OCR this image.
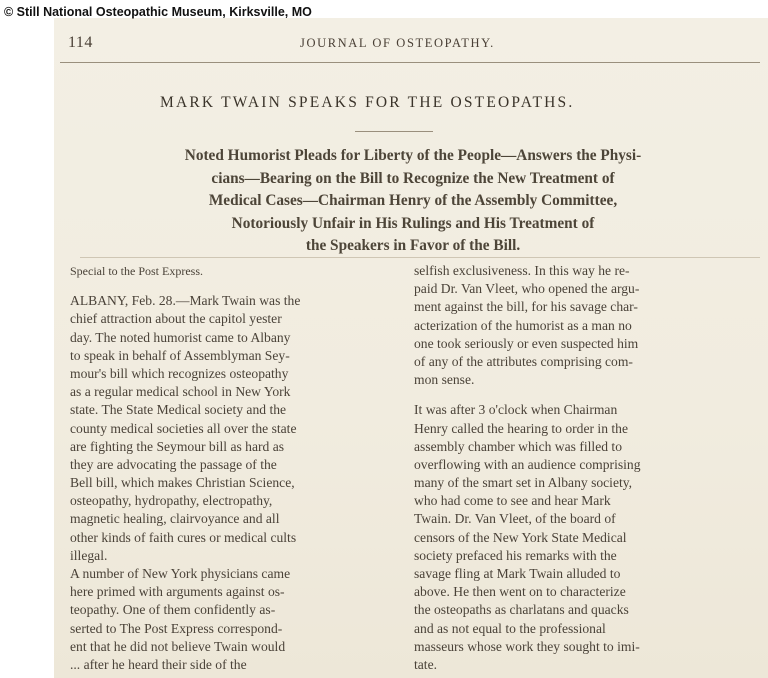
© Still National Osteopathic Museum, Kirksville, MO
114	JOURNAL OF OSTEOPATHY.
MARK TWAIN SPEAKS FOR THE OSTEOPATHS.
Noted Humorist Pleads for Liberty of the People—Answers the Physi-
cians—Bearing on the Bill to Recognize the New Treatment of
Medical Cases—Chairman Henry of the Assembly Committee,
Notoriously Unfair in His Rulings and His Treatment of
the Speakers in Favor of the Bill.
Special to the Post Express.
ALBANY, Feb. 28.—Mark Twain was the
chief attraction about the capitol yester
day. The noted humorist came to Albany
to speak in behalf of Assemblyman Sey-
mour's bill which recognizes osteopathy
as a regular medical school in New York
state. The State Medical society and the
county medical societies all over the state
are fighting the Seymour bill as hard as
they are advocating the passage of the
Bell bill, which makes Christian Science,
osteopathy, hydropathy, electropathy,
magnetic healing, clairvoyance and all
other kinds of faith cures or medical cults
illegal.
A number of New York physicians came
here primed with arguments against os-
teopathy. One of them confidently as-
serted to The Post Express correspond-
ent that he did not believe Twain would
... after he heard their side of the
selfish exclusiveness. In this way he re-
paid Dr. Van Vleet, who opened the argu-
ment against the bill, for his savage char-
acterization of the humorist as a man no
one took seriously or even suspected him
of any of the attributes comprising com-
mon sense.
It was after 3 o'clock when Chairman
Henry called the hearing to order in the
assembly chamber which was filled to
overflowing with an audience comprising
many of the smart set in Albany society,
who had come to see and hear Mark
Twain. Dr. Van Vleet, of the board of
censors of the New York State Medical
society prefaced his remarks with the
savage fling at Mark Twain alluded to
above. He then went on to characterize
the osteopaths as charlatans and quacks
and as not equal to the professional
masseurs whose work they sought to imi-
tate.
